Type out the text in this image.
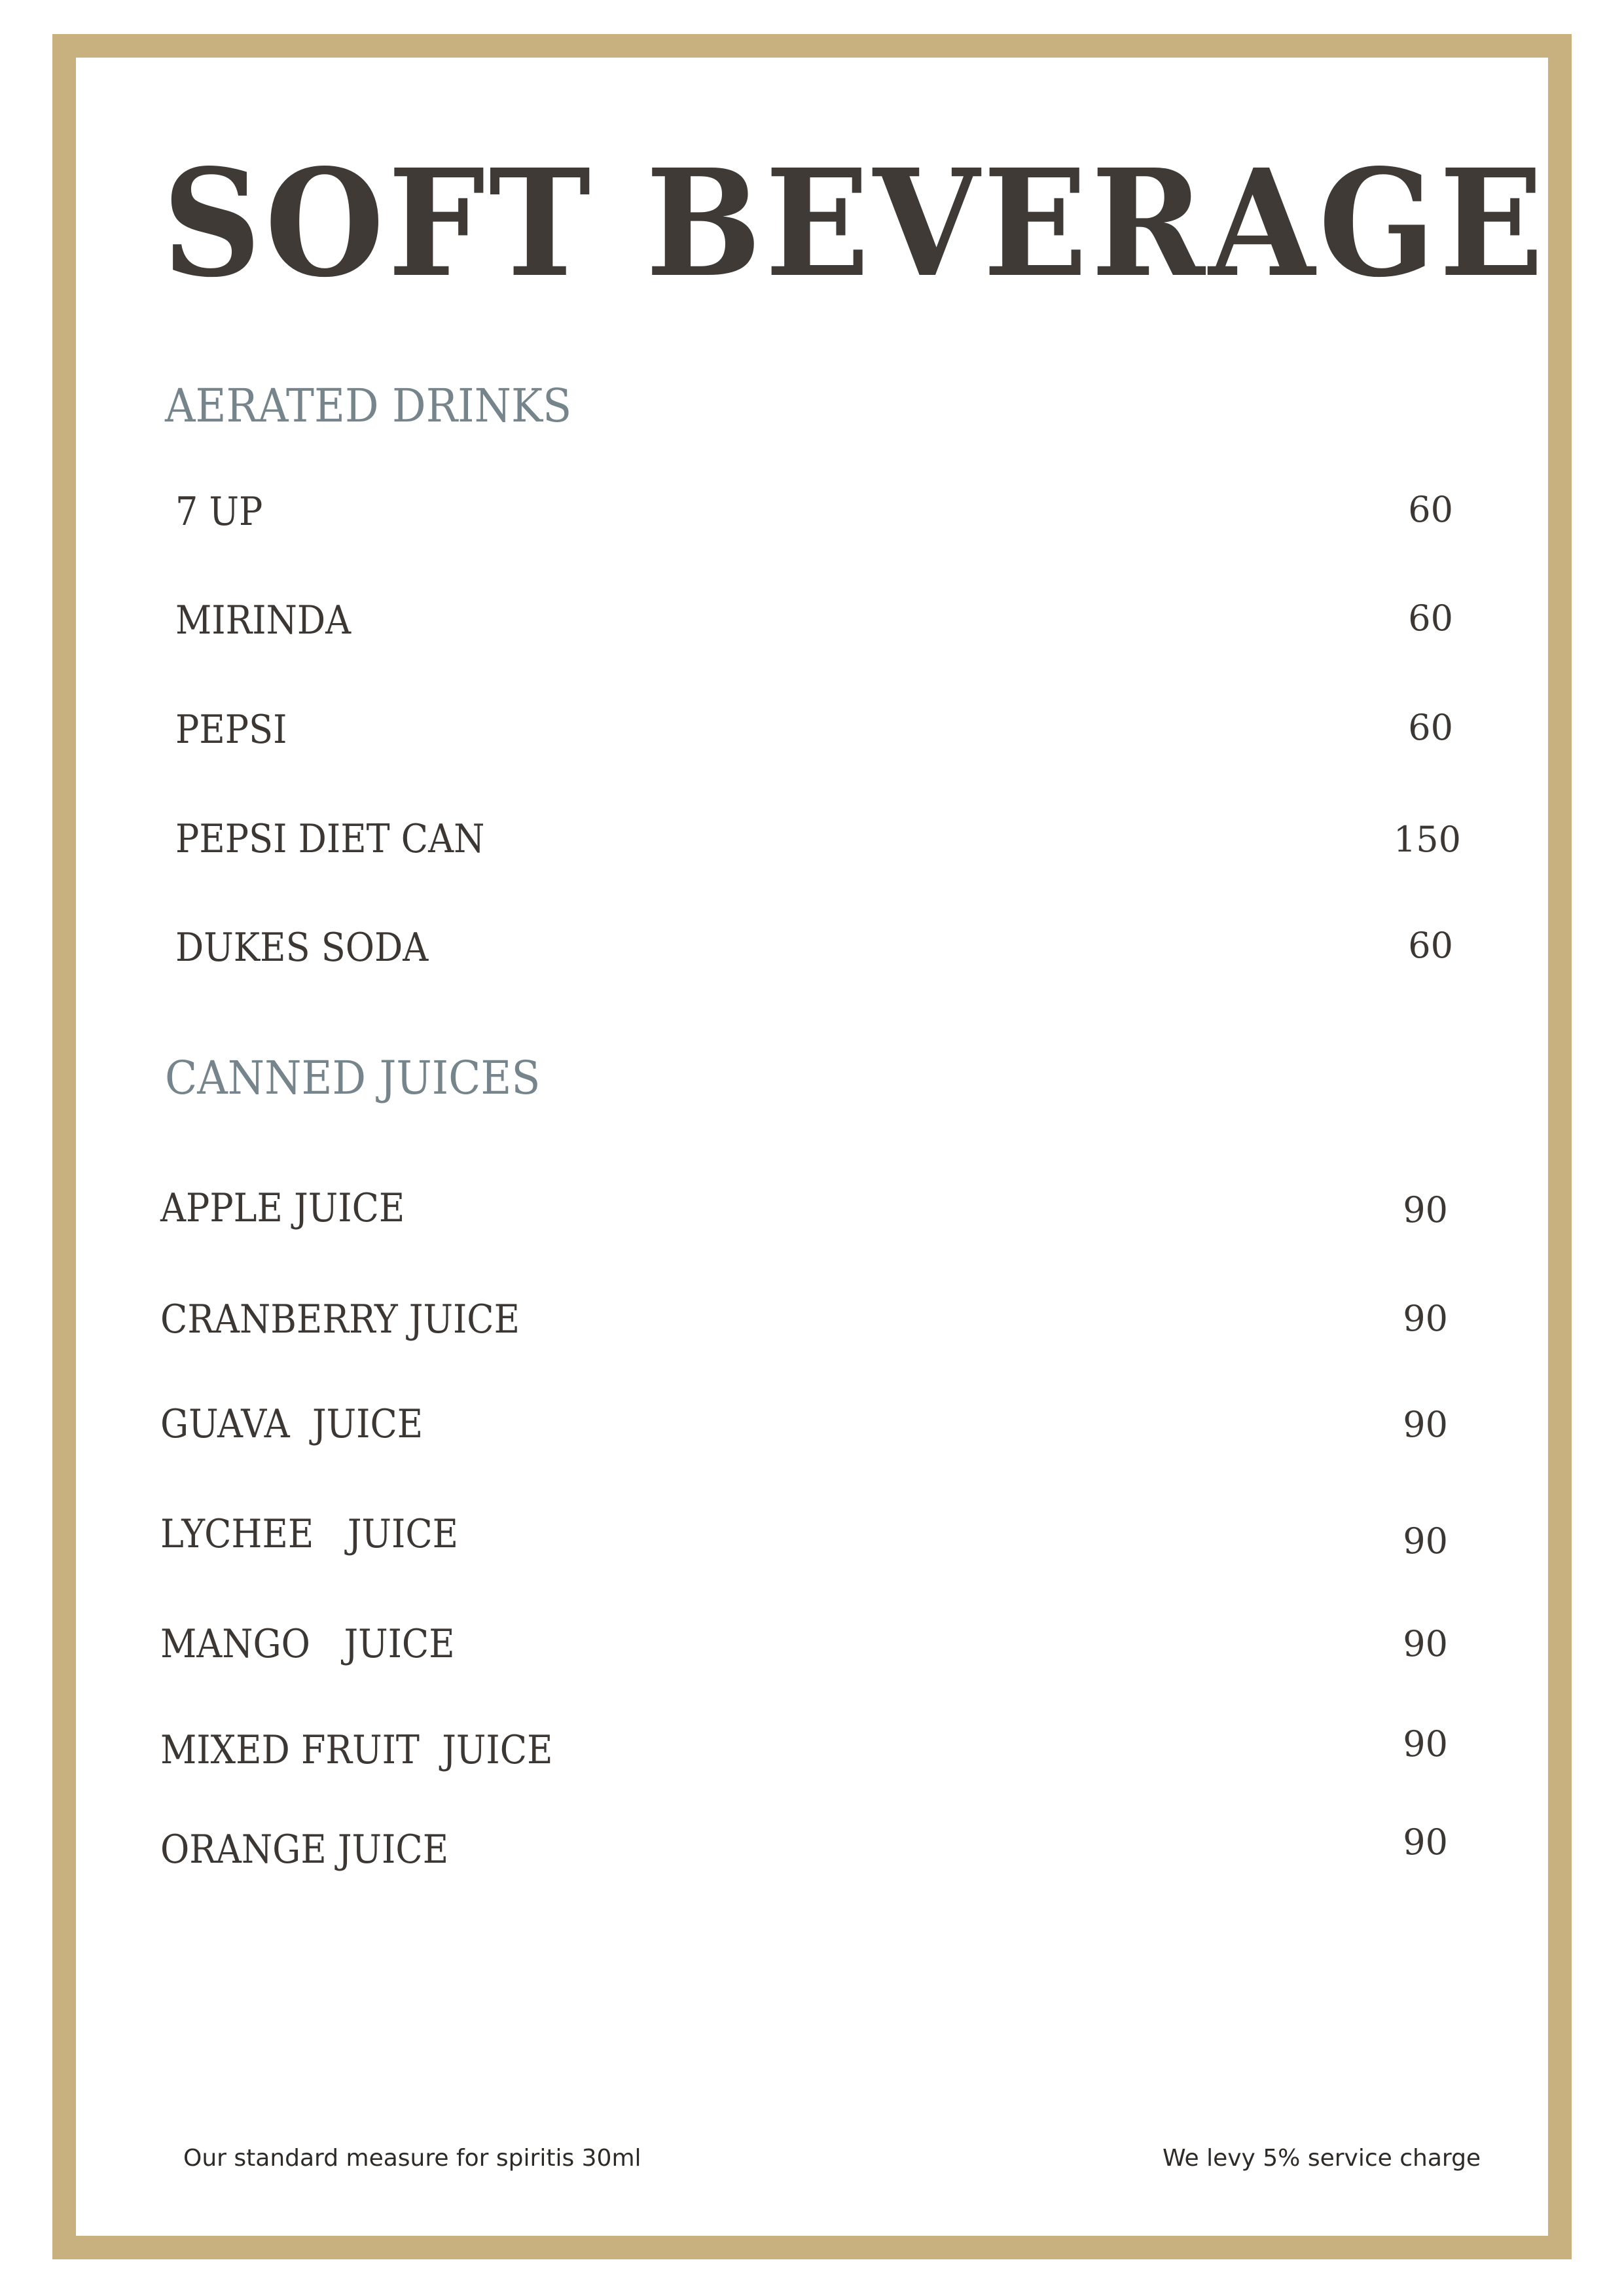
SOFT BEVERAGE
AERATED DRINKS
7 UP	60
MIRINDA	60
PEPSI	60
PEPSI DIET CAN	150
DUKES SODA	60
CANNED JUICES
APPLE JUICE	90
CRANBERRY JUICE	90
GUAVA  JUICE	90
LYCHEE   JUICE	90
MANGO   JUICE	90
MIXED FRUIT  JUICE	90
ORANGE JUICE	90
Our standard measure for spiritis 30ml	We levy 5% service charge
